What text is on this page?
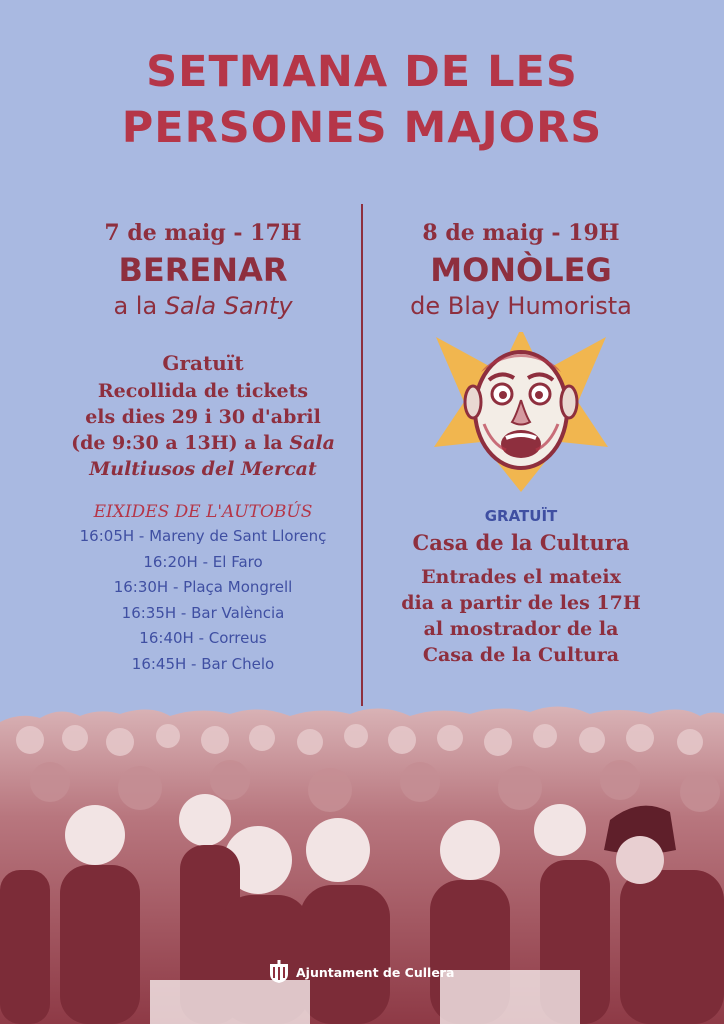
SETMANA DE LES
PERSONES MAJORS
7 de maig - 17H
BERENAR
a la Sala Santy
Gratuït
Recollida de tickets
els dies 29 i 30 d'abril
(de 9:30 a 13H) a la Sala
Multiusos del Mercat
EIXIDES DE L'AUTOBÚS
16:05H - Mareny de Sant Llorenç
16:20H - El Faro
16:30H - Plaça Mongrell
16:35H - Bar València
16:40H - Correus
16:45H - Bar Chelo
8 de maig - 19H
MONÒLEG
de Blay Humorista
GRATUÏT
Casa de la Cultura
Entrades el mateix
dia a partir de les 17H
al mostrador de la
Casa de la Cultura
Ajuntament de Cullera
